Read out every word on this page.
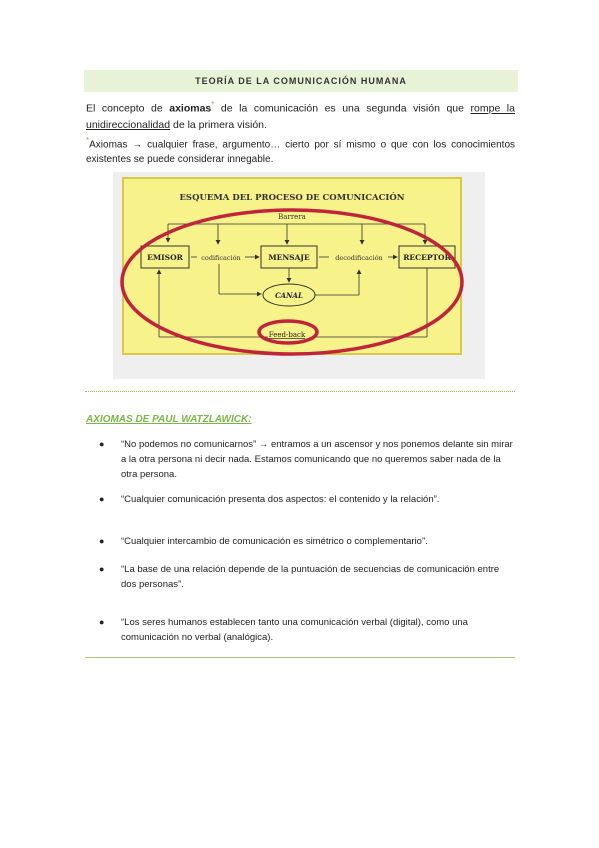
TEORÍA DE LA COMUNICACIÓN HUMANA
El concepto de axiomas* de la comunicación es una segunda visión que rompe la unidireccionalidad de la primera visión.
*Axiomas → cualquier frase, argumento… cierto por sí mismo o que con los conocimientos existentes se puede considerar innegable.
ESQUEMA DEL PROCESO DE COMUNICACIÓN
Barrera
EMISOR	codificación	MENSAJE	decodificación	RECEPTOR
CANAL
Feed-back
AXIOMAS DE PAUL WATZLAWICK:
● “No podemos no comunicarnos” → entramos a un ascensor y nos ponemos delante sin mirar a la otra persona ni decir nada. Estamos comunicando que no queremos saber nada de la otra persona.
● “Cualquier comunicación presenta dos aspectos: el contenido y la relación”.
● “Cualquier intercambio de comunicación es simétrico o complementario”.
● “La base de una relación depende de la puntuación de secuencias de comunicación entre dos personas”.
● “Los seres humanos establecen tanto una comunicación verbal (digital), como una comunicación no verbal (analógica).
